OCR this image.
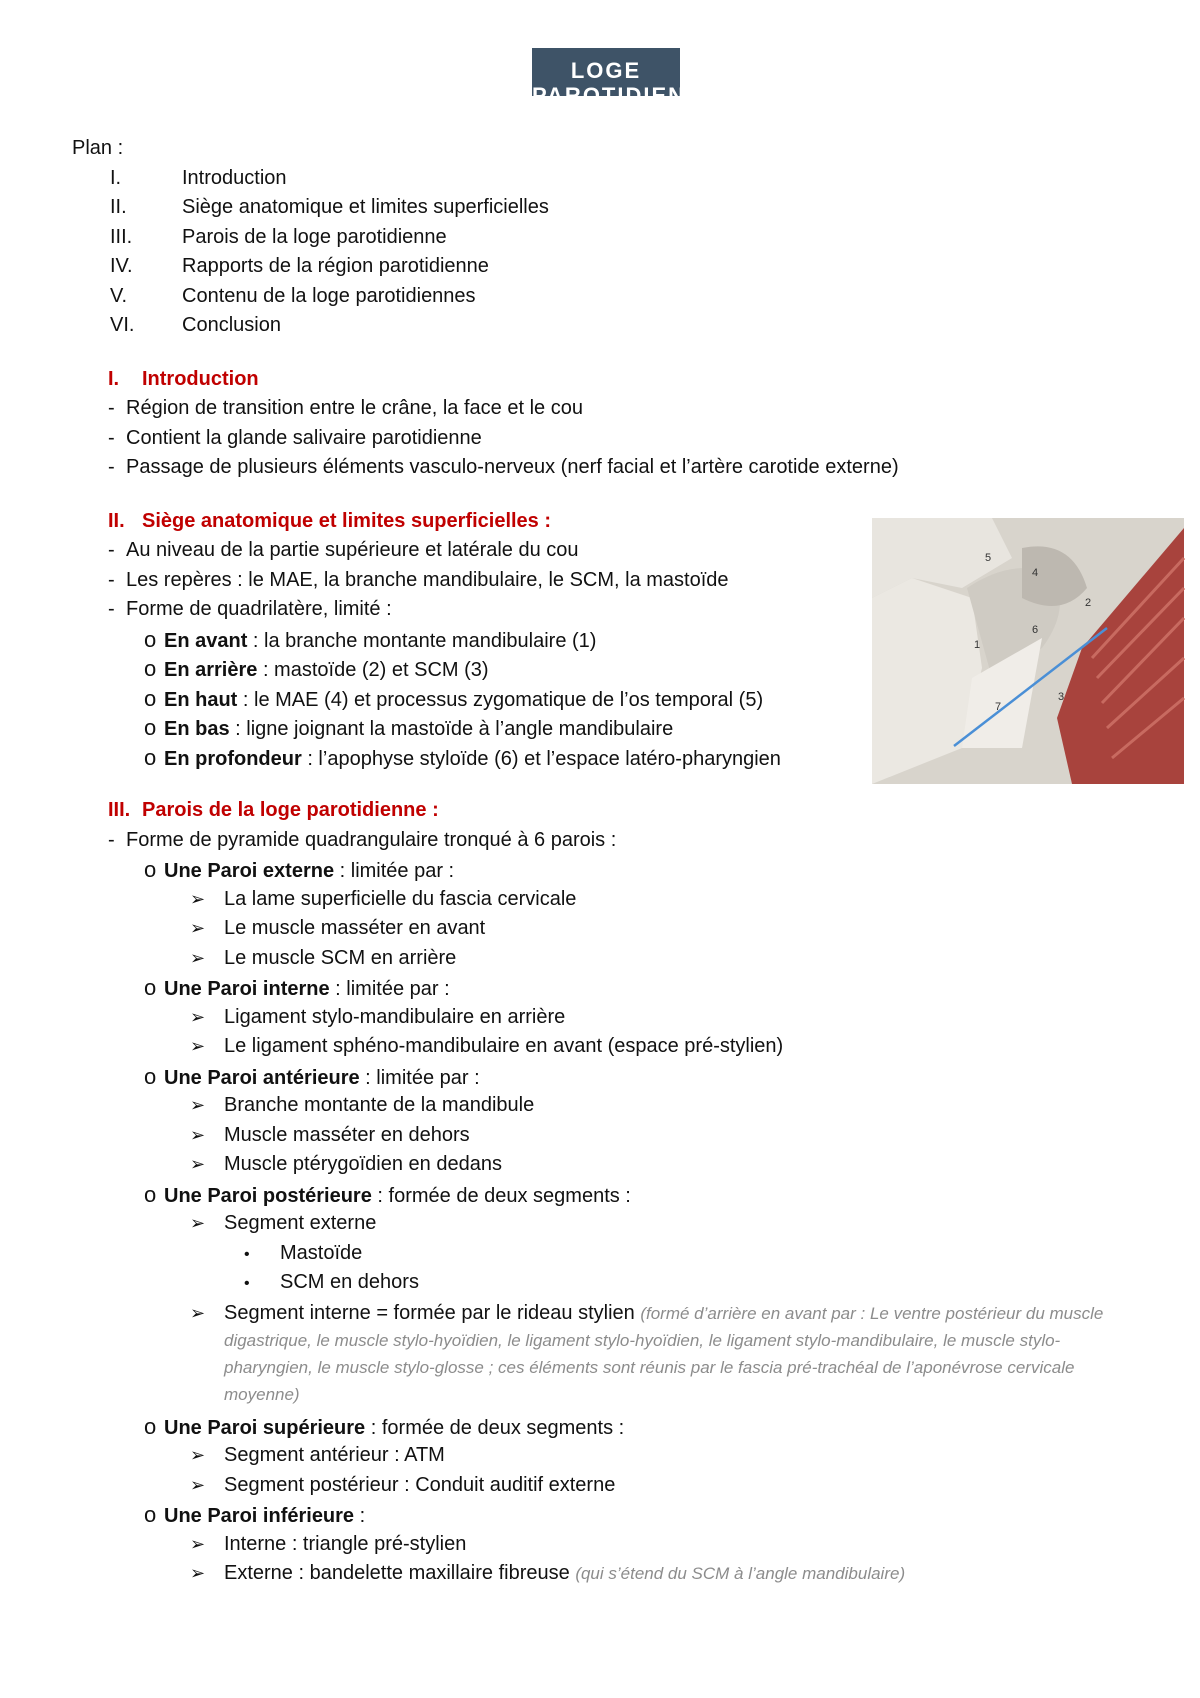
LOGE
PAROTIDIENNE
5
4
2
6
1
3
7
Plan :
I.	Introduction
II.	Siège anatomique et limites superficielles
III. Parois de la loge parotidienne
IV. Rapports de la région parotidienne
V.	Contenu de la loge parotidiennes
VI. Conclusion
I. Introduction
- Région de transition entre le crâne, la face et le cou
- Contient la glande salivaire parotidienne
- Passage de plusieurs éléments vasculo-nerveux (nerf facial et l’artère carotide externe)
II. Siège anatomique et limites superficielles :
- Au niveau de la partie supérieure et latérale du cou
- Les repères : le MAE, la branche mandibulaire, le SCM, la mastoïde
- Forme de quadrilatère, limité :
o En avant : la branche montante mandibulaire (1)
o En arrière : mastoïde (2) et SCM (3)
o En haut : le MAE (4) et processus zygomatique de l’os temporal (5)
o En bas : ligne joignant la mastoïde à l’angle mandibulaire
o En profondeur : l’apophyse styloïde (6) et l’espace latéro-pharyngien
III. Parois de la loge parotidienne :
- Forme de pyramide quadrangulaire tronqué à 6 parois :
o Une Paroi externe : limitée par :
➢ La lame superficielle du fascia cervicale
➢ Le muscle masséter en avant
➢ Le muscle SCM en arrière
o Une Paroi interne : limitée par :
➢ Ligament stylo-mandibulaire en arrière
➢ Le ligament sphéno-mandibulaire en avant (espace pré-stylien)
o Une Paroi antérieure : limitée par :
➢ Branche montante de la mandibule
➢ Muscle masséter en dehors
➢ Muscle ptérygoïdien en dedans
o Une Paroi postérieure : formée de deux segments :
➢ Segment externe
• Mastoïde
• SCM en dehors
➢ Segment interne = formée par le rideau stylien (formé d’arrière en avant par : Le ventre postérieur du muscle digastrique, le muscle stylo-hyoïdien, le ligament stylo-hyoïdien, le ligament stylo-mandibulaire, le muscle stylo-pharyngien, le muscle stylo-glosse ; ces éléments sont réunis par le fascia pré-trachéal de l’aponévrose cervicale moyenne)
o Une Paroi supérieure : formée de deux segments :
➢ Segment antérieur : ATM
➢ Segment postérieur : Conduit auditif externe
o Une Paroi inférieure :
➢ Interne : triangle pré-stylien
➢ Externe : bandelette maxillaire fibreuse (qui s’étend du SCM à l’angle mandibulaire)
